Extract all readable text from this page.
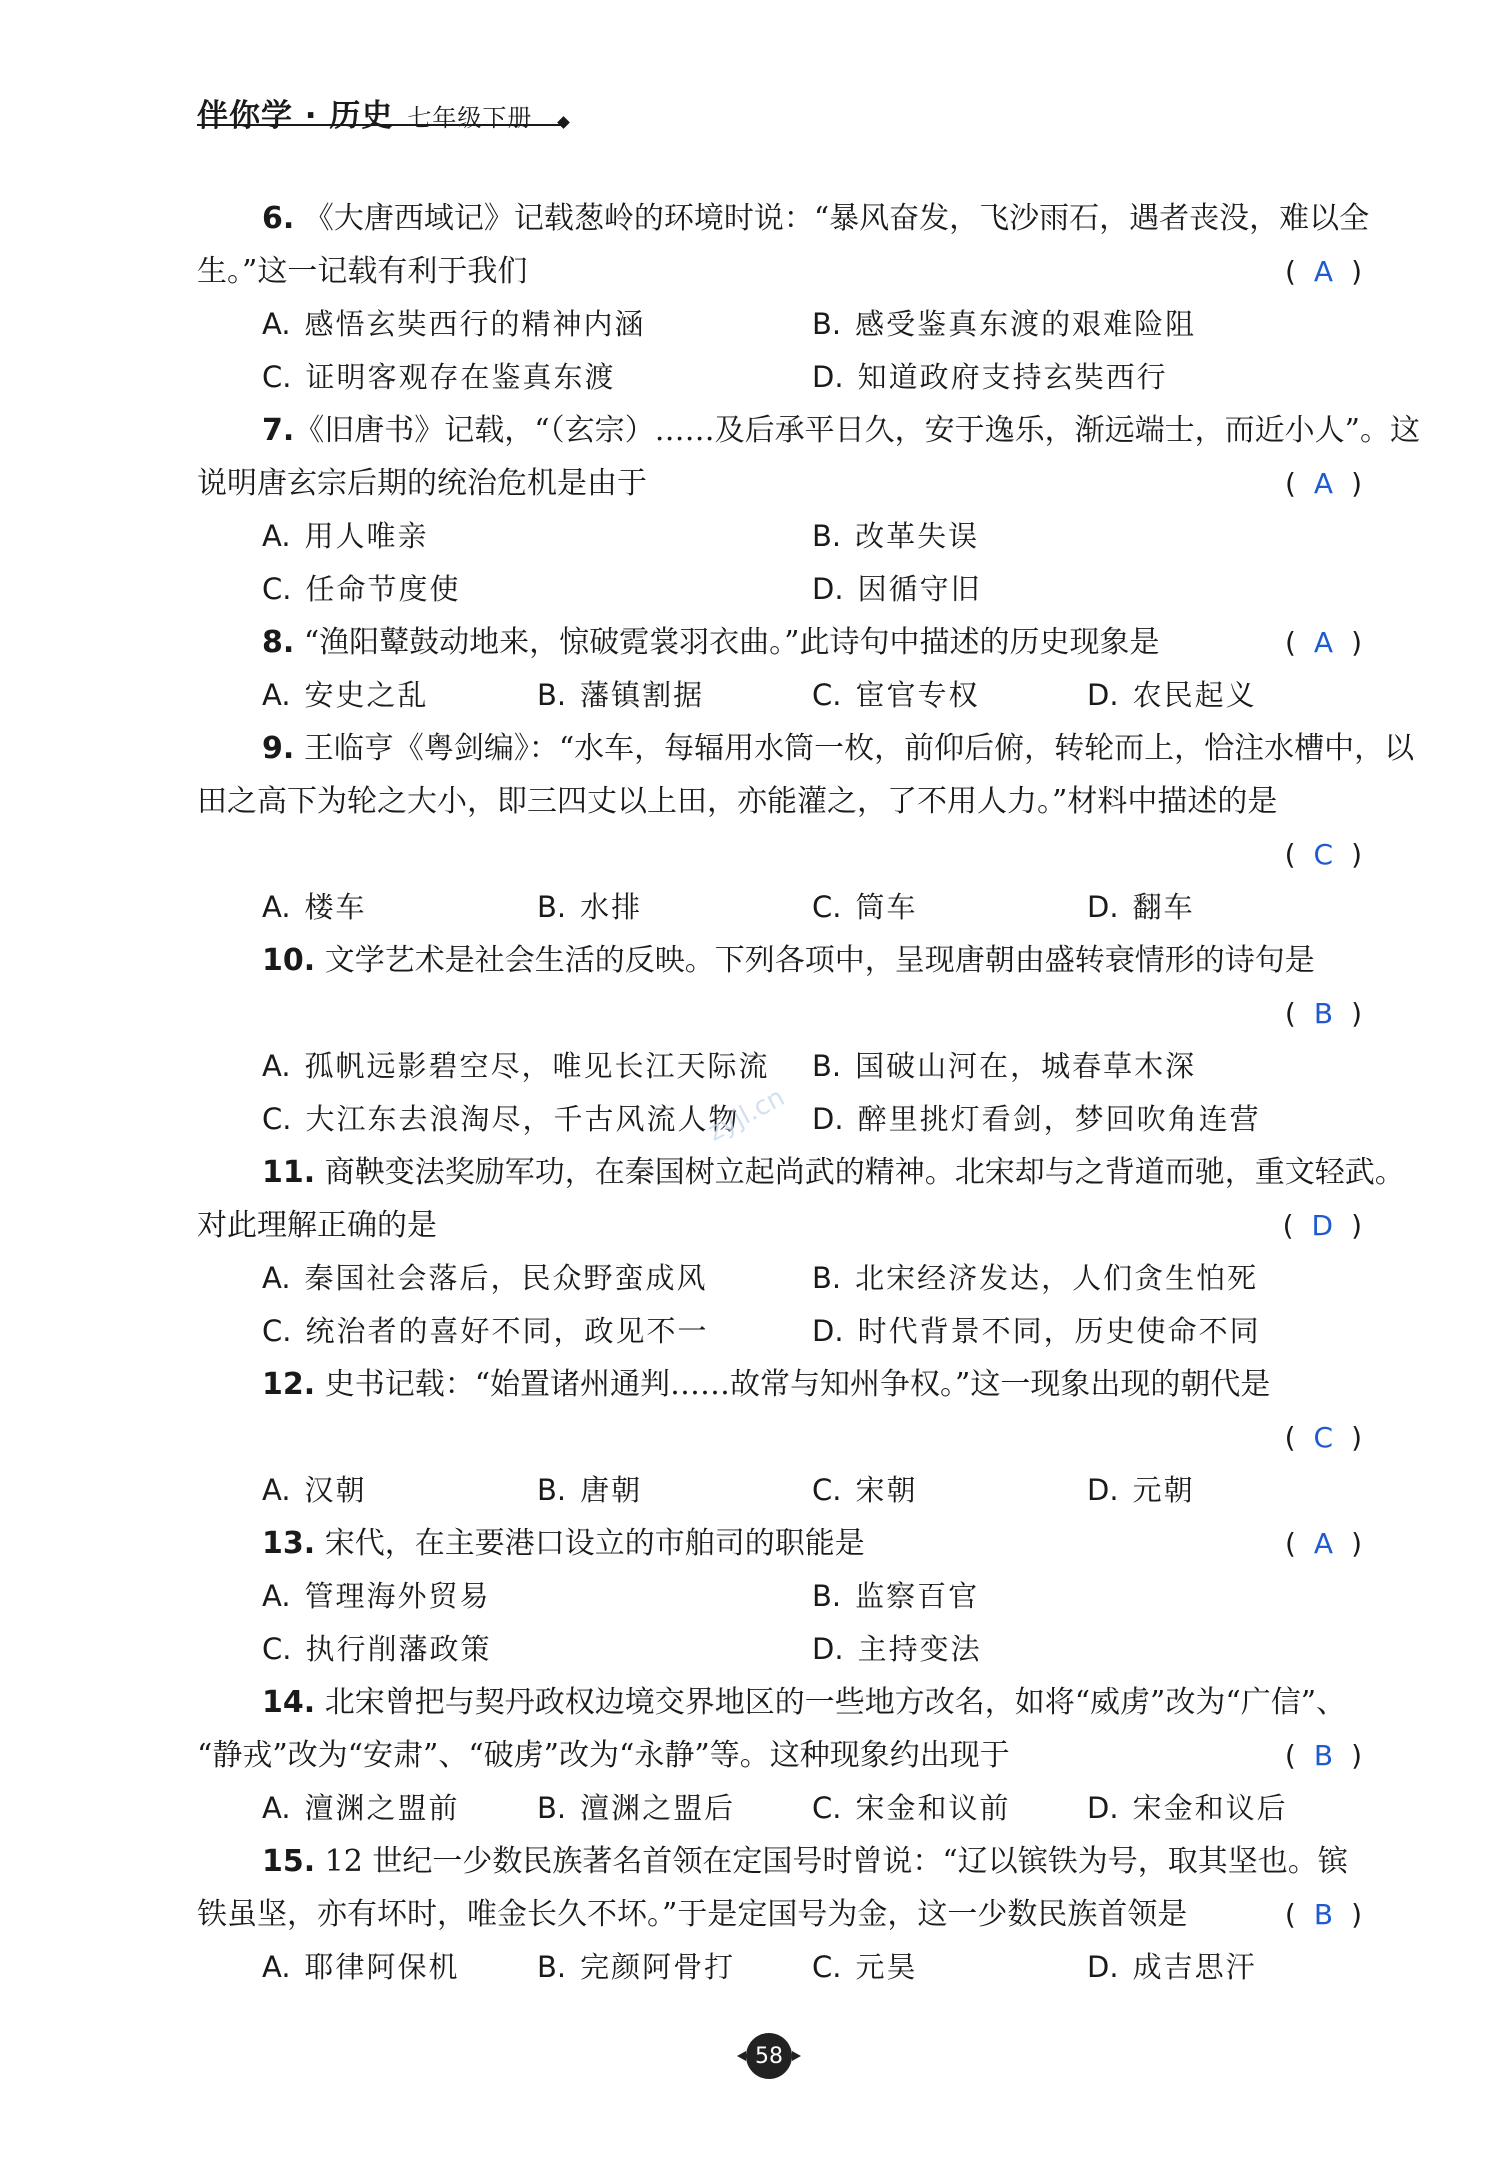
伴你学 · 历史 七年级下册
6. 《大唐西域记》记载葱岭的环境时说：“暴风奋发，飞沙雨石，遇者丧没，难以全
生。”这一记载有利于我们	( A )
A. 感悟玄奘西行的精神内涵	B. 感受鉴真东渡的艰难险阻
C. 证明客观存在鉴真东渡	D. 知道政府支持玄奘西行
7.《旧唐书》记载，“（玄宗）……及后承平日久，安于逸乐，渐远端士，而近小人”。这
说明唐玄宗后期的统治危机是由于	( A )
A. 用人唯亲	B. 改革失误
C. 任命节度使	D. 因循守旧
8. “渔阳鼙鼓动地来，惊破霓裳羽衣曲。”此诗句中描述的历史现象是	( A )
A. 安史之乱	B. 藩镇割据	C. 宦官专权	D. 农民起义
9. 王临亨《粤剑编》：“水车，每辐用水筒一枚，前仰后俯，转轮而上，恰注水槽中，以
田之高下为轮之大小，即三四丈以上田，亦能灌之，了不用人力。”材料中描述的是
( C )
A. 楼车	B. 水排	C. 筒车	D. 翻车
10. 文学艺术是社会生活的反映。下列各项中，呈现唐朝由盛转衰情形的诗句是
( B )
A. 孤帆远影碧空尽，唯见长江天际流	B. 国破山河在，城春草木深
C. 大江东去浪淘尽，千古风流人物	D. 醉里挑灯看剑，梦回吹角连营
11. 商鞅变法奖励军功，在秦国树立起尚武的精神。北宋却与之背道而驰，重文轻武。
对此理解正确的是	( D )
A. 秦国社会落后，民众野蛮成风	B. 北宋经济发达，人们贪生怕死
C. 统治者的喜好不同，政见不一	D. 时代背景不同，历史使命不同
12. 史书记载：“始置诸州通判……故常与知州争权。”这一现象出现的朝代是
( C )
A. 汉朝	B. 唐朝	C. 宋朝	D. 元朝
13. 宋代，在主要港口设立的市舶司的职能是	( A )
A. 管理海外贸易	B. 监察百官
C. 执行削藩政策	D. 主持变法
14. 北宋曾把与契丹政权边境交界地区的一些地方改名，如将“威虏”改为“广信”、
“静戎”改为“安肃”、“破虏”改为“永静”等。这种现象约出现于	( B )
A. 澶渊之盟前	B. 澶渊之盟后	C. 宋金和议前	D. 宋金和议后
15. 12 世纪一少数民族著名首领在定国号时曾说：“辽以镔铁为号，取其坚也。镔
铁虽坚，亦有坏时，唯金长久不坏。”于是定国号为金，这一少数民族首领是	( B )
A. 耶律阿保机	B. 完颜阿骨打	C. 元昊	D. 成吉思汗
zyjl.cn
58
